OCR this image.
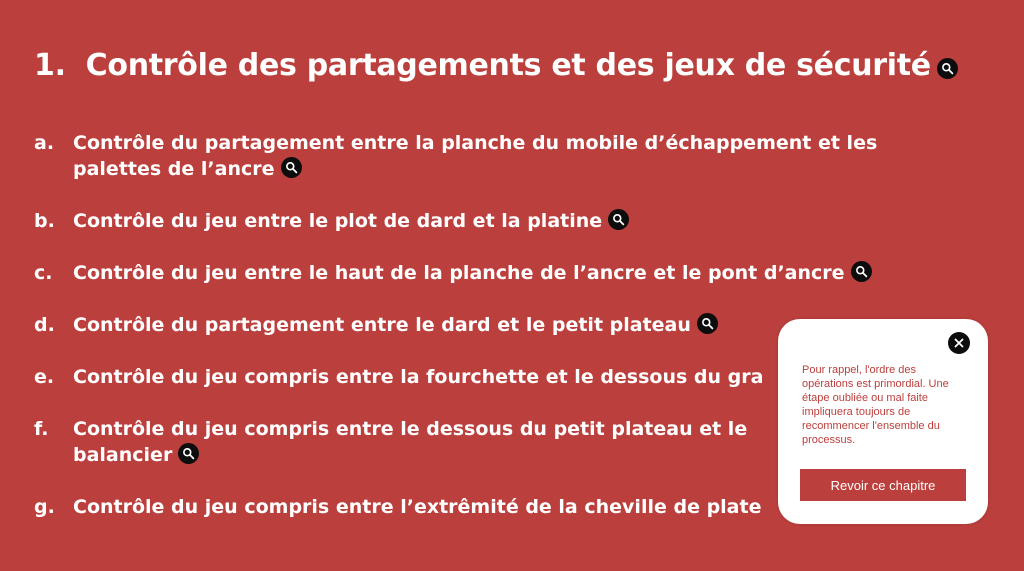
1. Contrôle des partagements et des jeux de sécurité
a. Contrôle du partagement entre la planche du mobile d’échappement et les palettes de l’ancre
b. Contrôle du jeu entre le plot de dard et la platine
c. Contrôle du jeu entre le haut de la planche de l’ancre et le pont d’ancre
d. Contrôle du partagement entre le dard et le petit plateau
e. Contrôle du jeu compris entre la fourchette et le dessous du gra
f. Contrôle du jeu compris entre le dessous du petit plateau et le balancier
g. Contrôle du jeu compris entre l’extrêmité de la cheville de plate
Pour rappel, l'ordre des opérations est primordial. Une étape oubliée ou mal faite impliquera toujours de recommencer l'ensemble du processus.
Revoir ce chapitre
